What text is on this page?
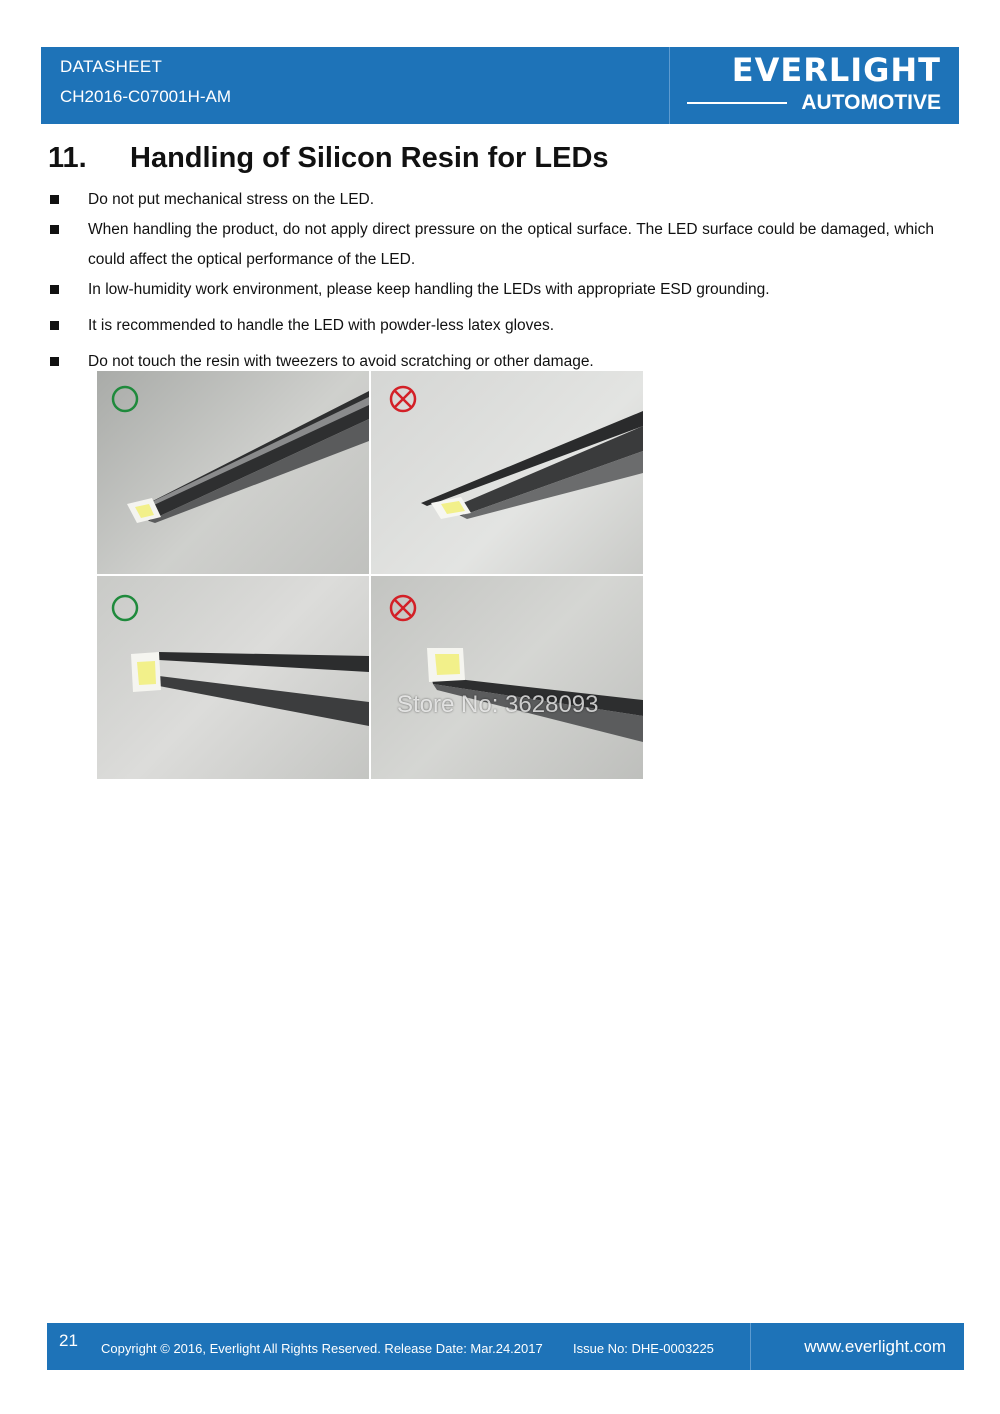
DATASHEET
CH2016-C07001H-AM
EVERLIGHT
AUTOMOTIVE
11. Handling of Silicon Resin for LEDs
Do not put mechanical stress on the LED.
When handling the product, do not apply direct pressure on the optical surface. The LED surface could be damaged, which could affect the optical performance of the LED.
In low-humidity work environment, please keep handling the LEDs with appropriate ESD grounding.
It is recommended to handle the LED with powder-less latex gloves.
Do not touch the resin with tweezers to avoid scratching or other damage.
Store No: 3628093
21 Copyright © 2016, Everlight All Rights Reserved. Release Date: Mar.24.2017 Issue No: DHE-0003225	www.everlight.com
